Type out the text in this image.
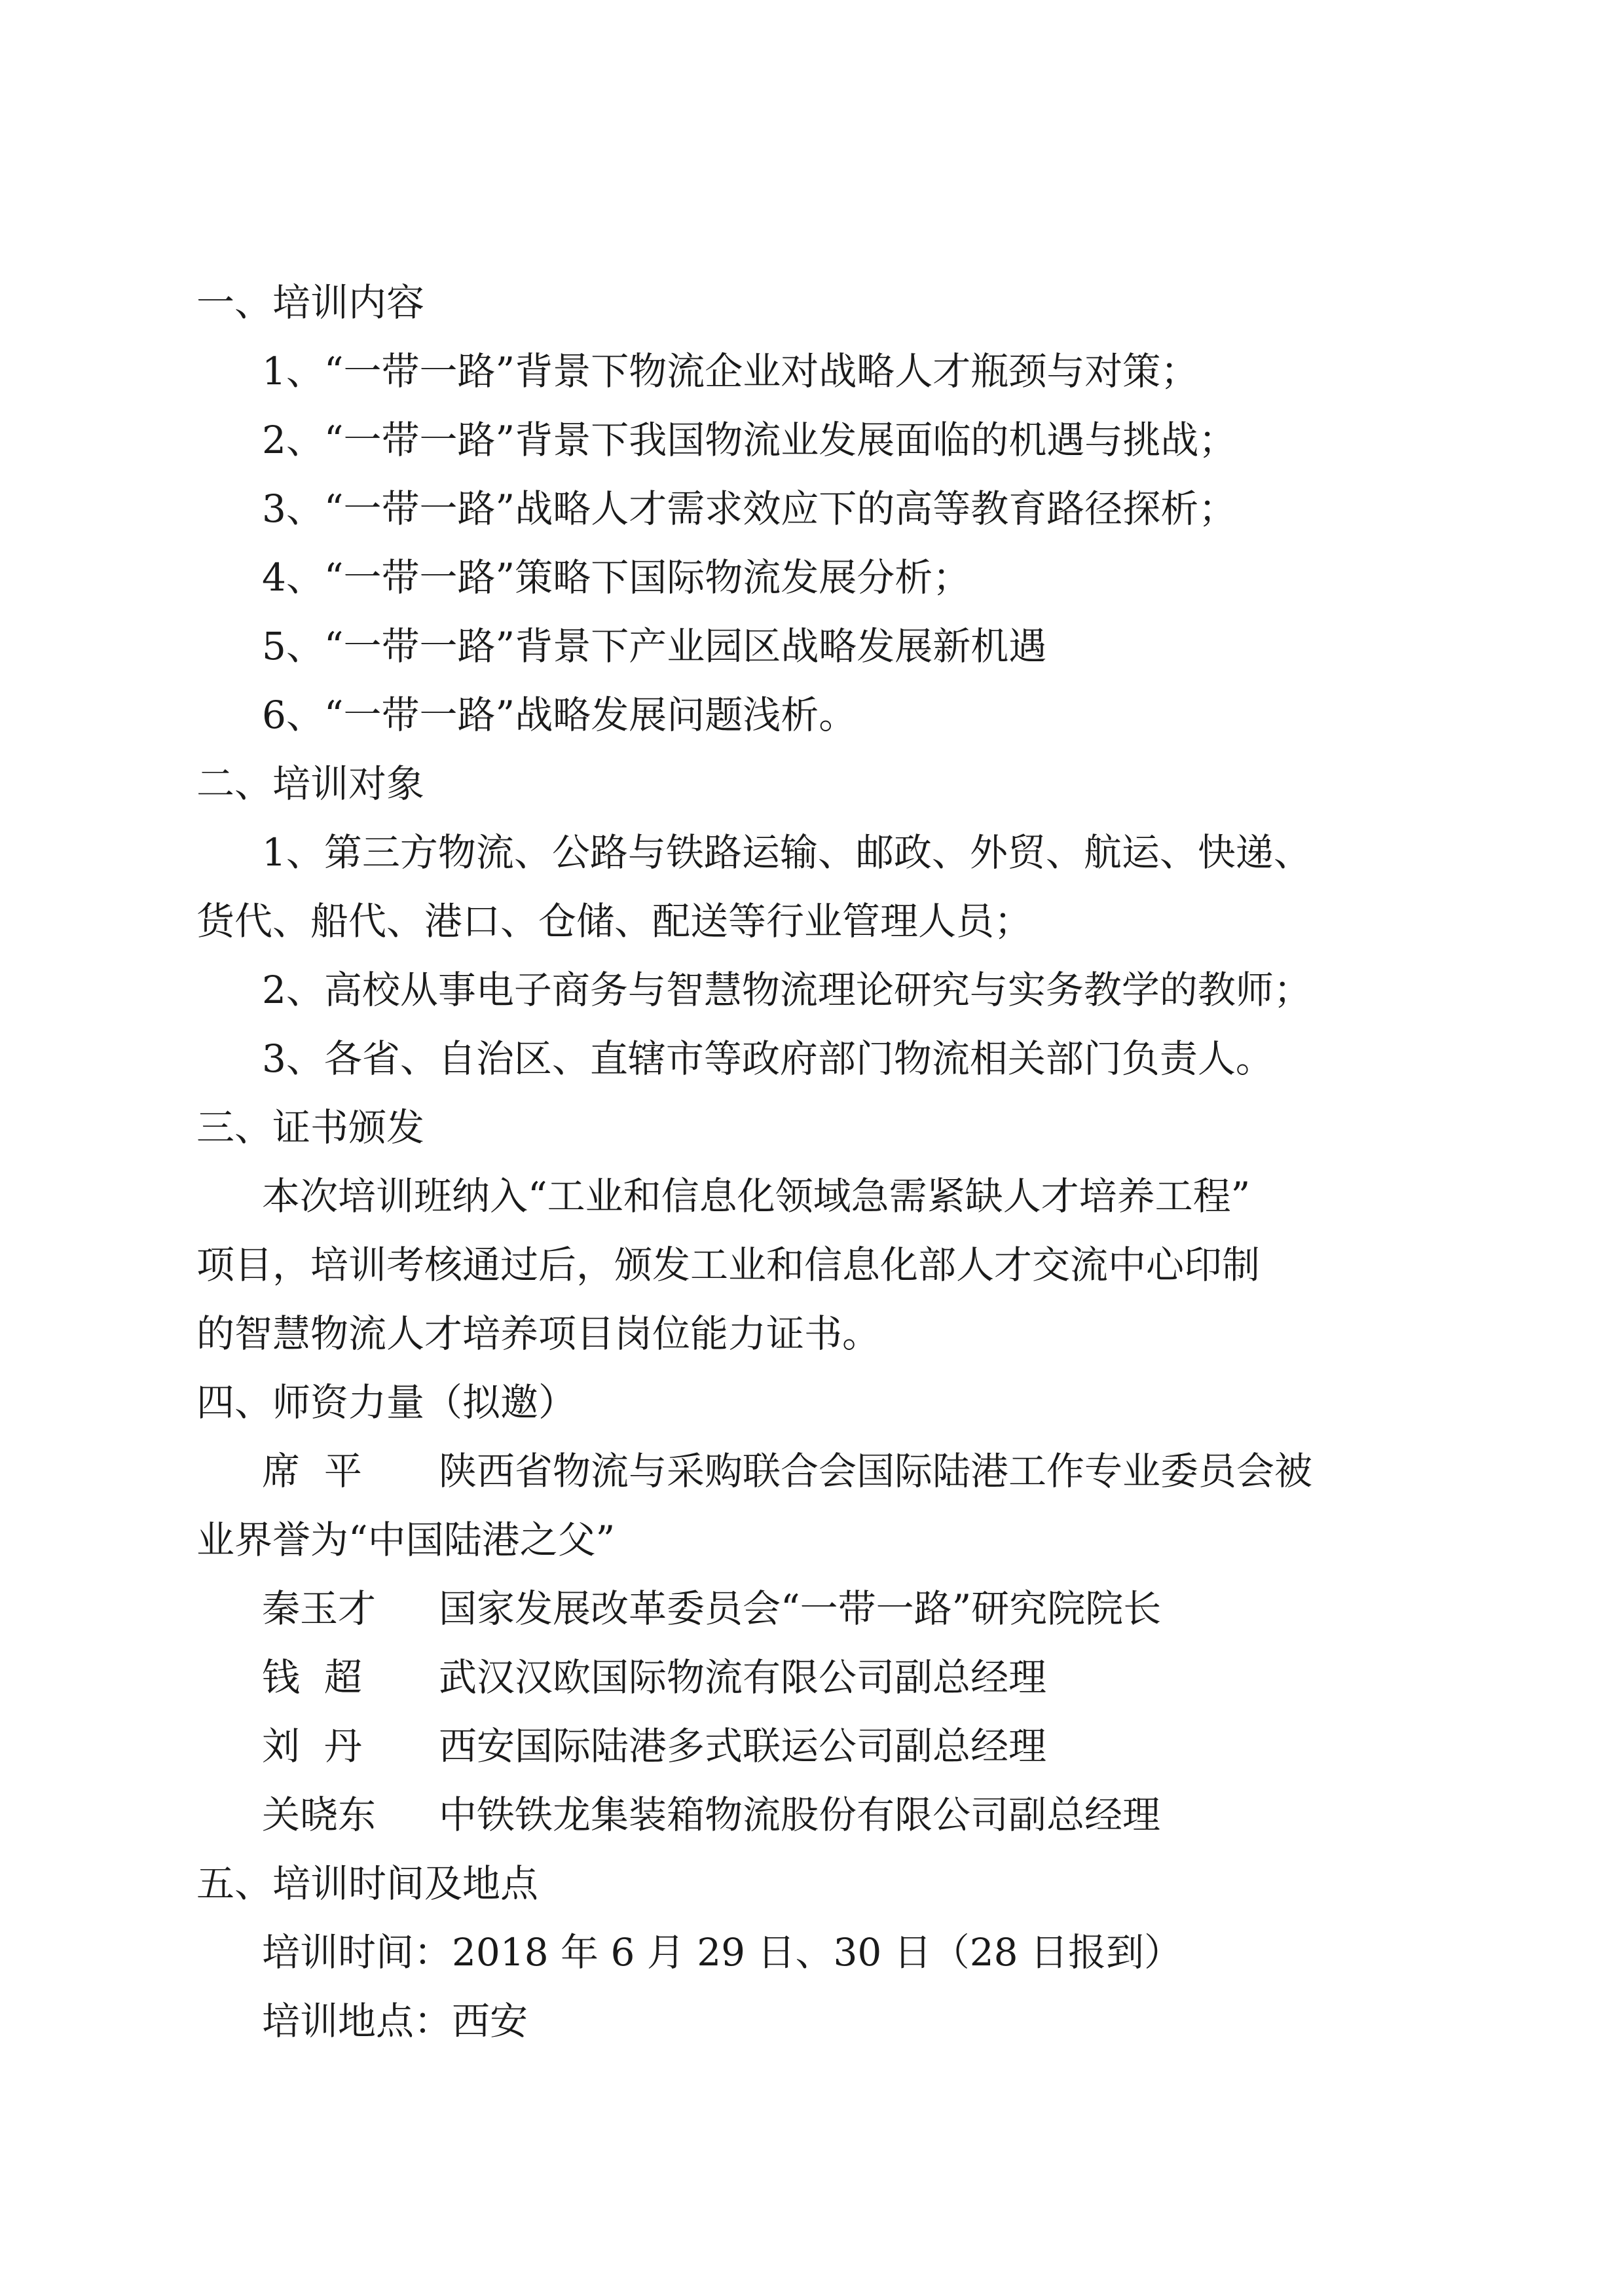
一、培训内容
1、“一带一路”背景下物流企业对战略人才瓶颈与对策；
2、“一带一路”背景下我国物流业发展面临的机遇与挑战；
3、“一带一路”战略人才需求效应下的高等教育路径探析；
4、“一带一路”策略下国际物流发展分析；
5、“一带一路”背景下产业园区战略发展新机遇
6、“一带一路”战略发展问题浅析。
二、培训对象
1、第三方物流、公路与铁路运输、邮政、外贸、航运、快递、
货代、船代、港口、仓储、配送等行业管理人员；
2、高校从事电子商务与智慧物流理论研究与实务教学的教师；
3、各省、自治区、直辖市等政府部门物流相关部门负责人。
三、证书颁发
本次培训班纳入“工业和信息化领域急需紧缺人才培养工程”
项目，培训考核通过后，颁发工业和信息化部人才交流中心印制
的智慧物流人才培养项目岗位能力证书。
四、师资力量（拟邀）
席  平	陕西省物流与采购联合会国际陆港工作专业委员会被
业界誉为“中国陆港之父”
秦玉才	国家发展改革委员会“一带一路”研究院院长
钱  超	武汉汉欧国际物流有限公司副总经理
刘  丹	西安国际陆港多式联运公司副总经理
关晓东	中铁铁龙集装箱物流股份有限公司副总经理
五、培训时间及地点
培训时间：2018 年 6 月 29 日、30 日（28 日报到）
培训地点：西安
